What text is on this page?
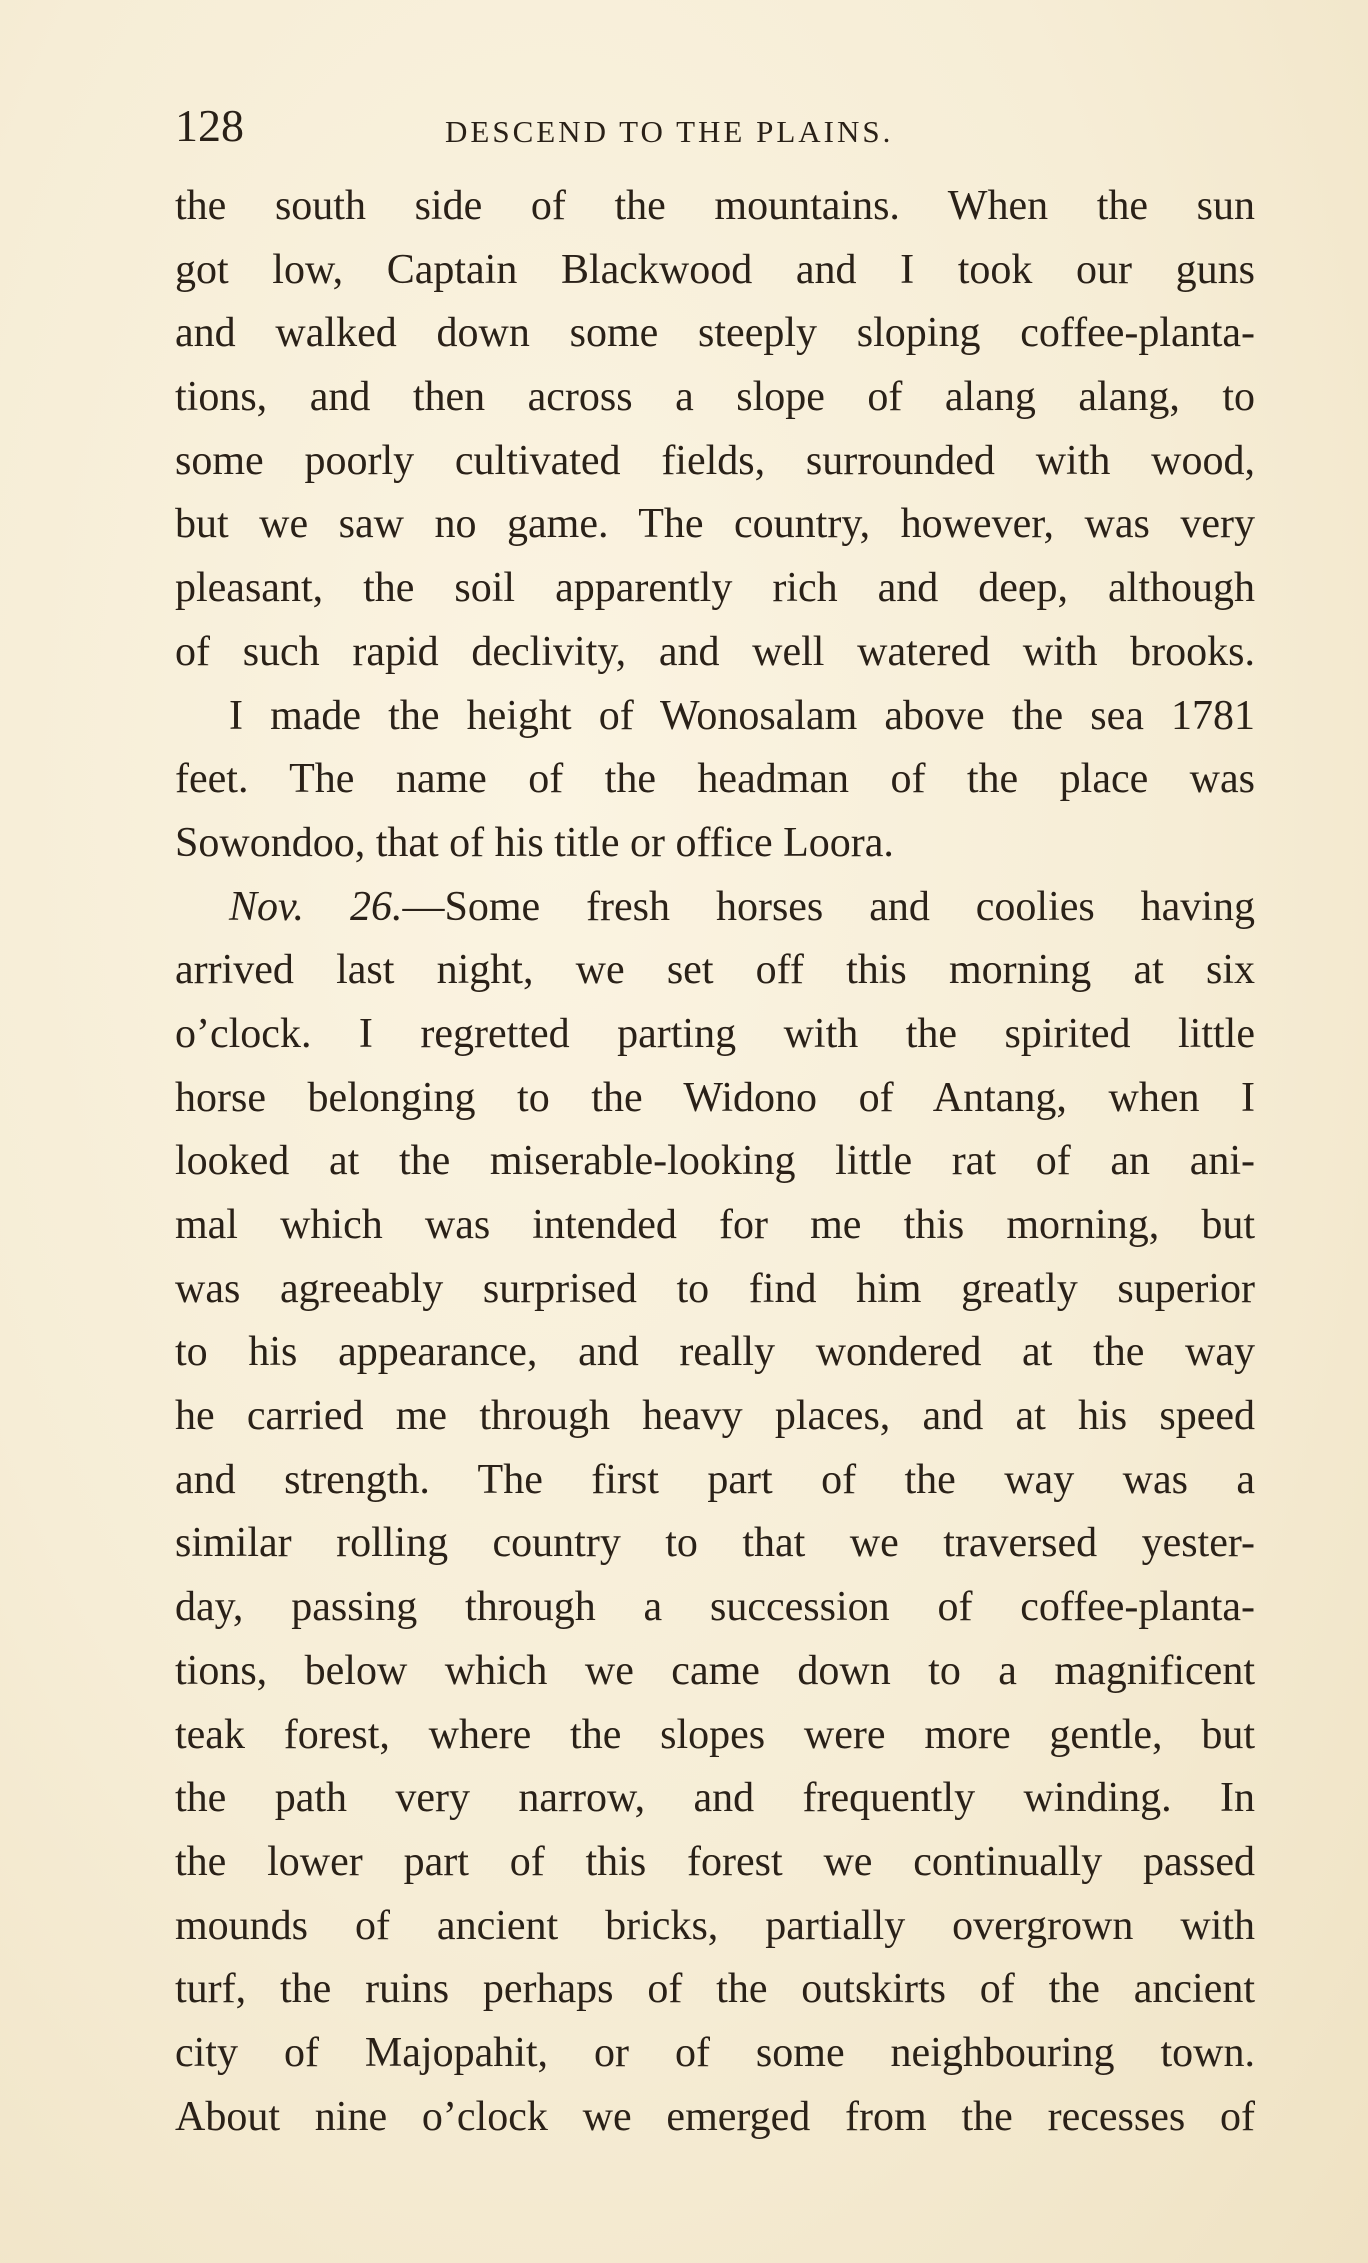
128	DESCEND TO THE PLAINS.
the south side of the mountains. When the sun
got low, Captain Blackwood and I took our guns
and walked down some steeply sloping coffee-planta-
tions, and then across a slope of alang alang, to
some poorly cultivated fields, surrounded with wood,
but we saw no game. The country, however, was very
pleasant, the soil apparently rich and deep, although
of such rapid declivity, and well watered with brooks.
I made the height of Wonosalam above the sea 1781
feet. The name of the headman of the place was
Sowondoo, that of his title or office Loora.
Nov. 26.—Some fresh horses and coolies having
arrived last night, we set off this morning at six
o’clock. I regretted parting with the spirited little
horse belonging to the Widono of Antang, when I
looked at the miserable-looking little rat of an ani-
mal which was intended for me this morning, but
was agreeably surprised to find him greatly superior
to his appearance, and really wondered at the way
he carried me through heavy places, and at his speed
and strength. The first part of the way was a
similar rolling country to that we traversed yester-
day, passing through a succession of coffee-planta-
tions, below which we came down to a magnificent
teak forest, where the slopes were more gentle, but
the path very narrow, and frequently winding. In
the lower part of this forest we continually passed
mounds of ancient bricks, partially overgrown with
turf, the ruins perhaps of the outskirts of the ancient
city of Majopahit, or of some neighbouring town.
About nine o’clock we emerged from the recesses of
